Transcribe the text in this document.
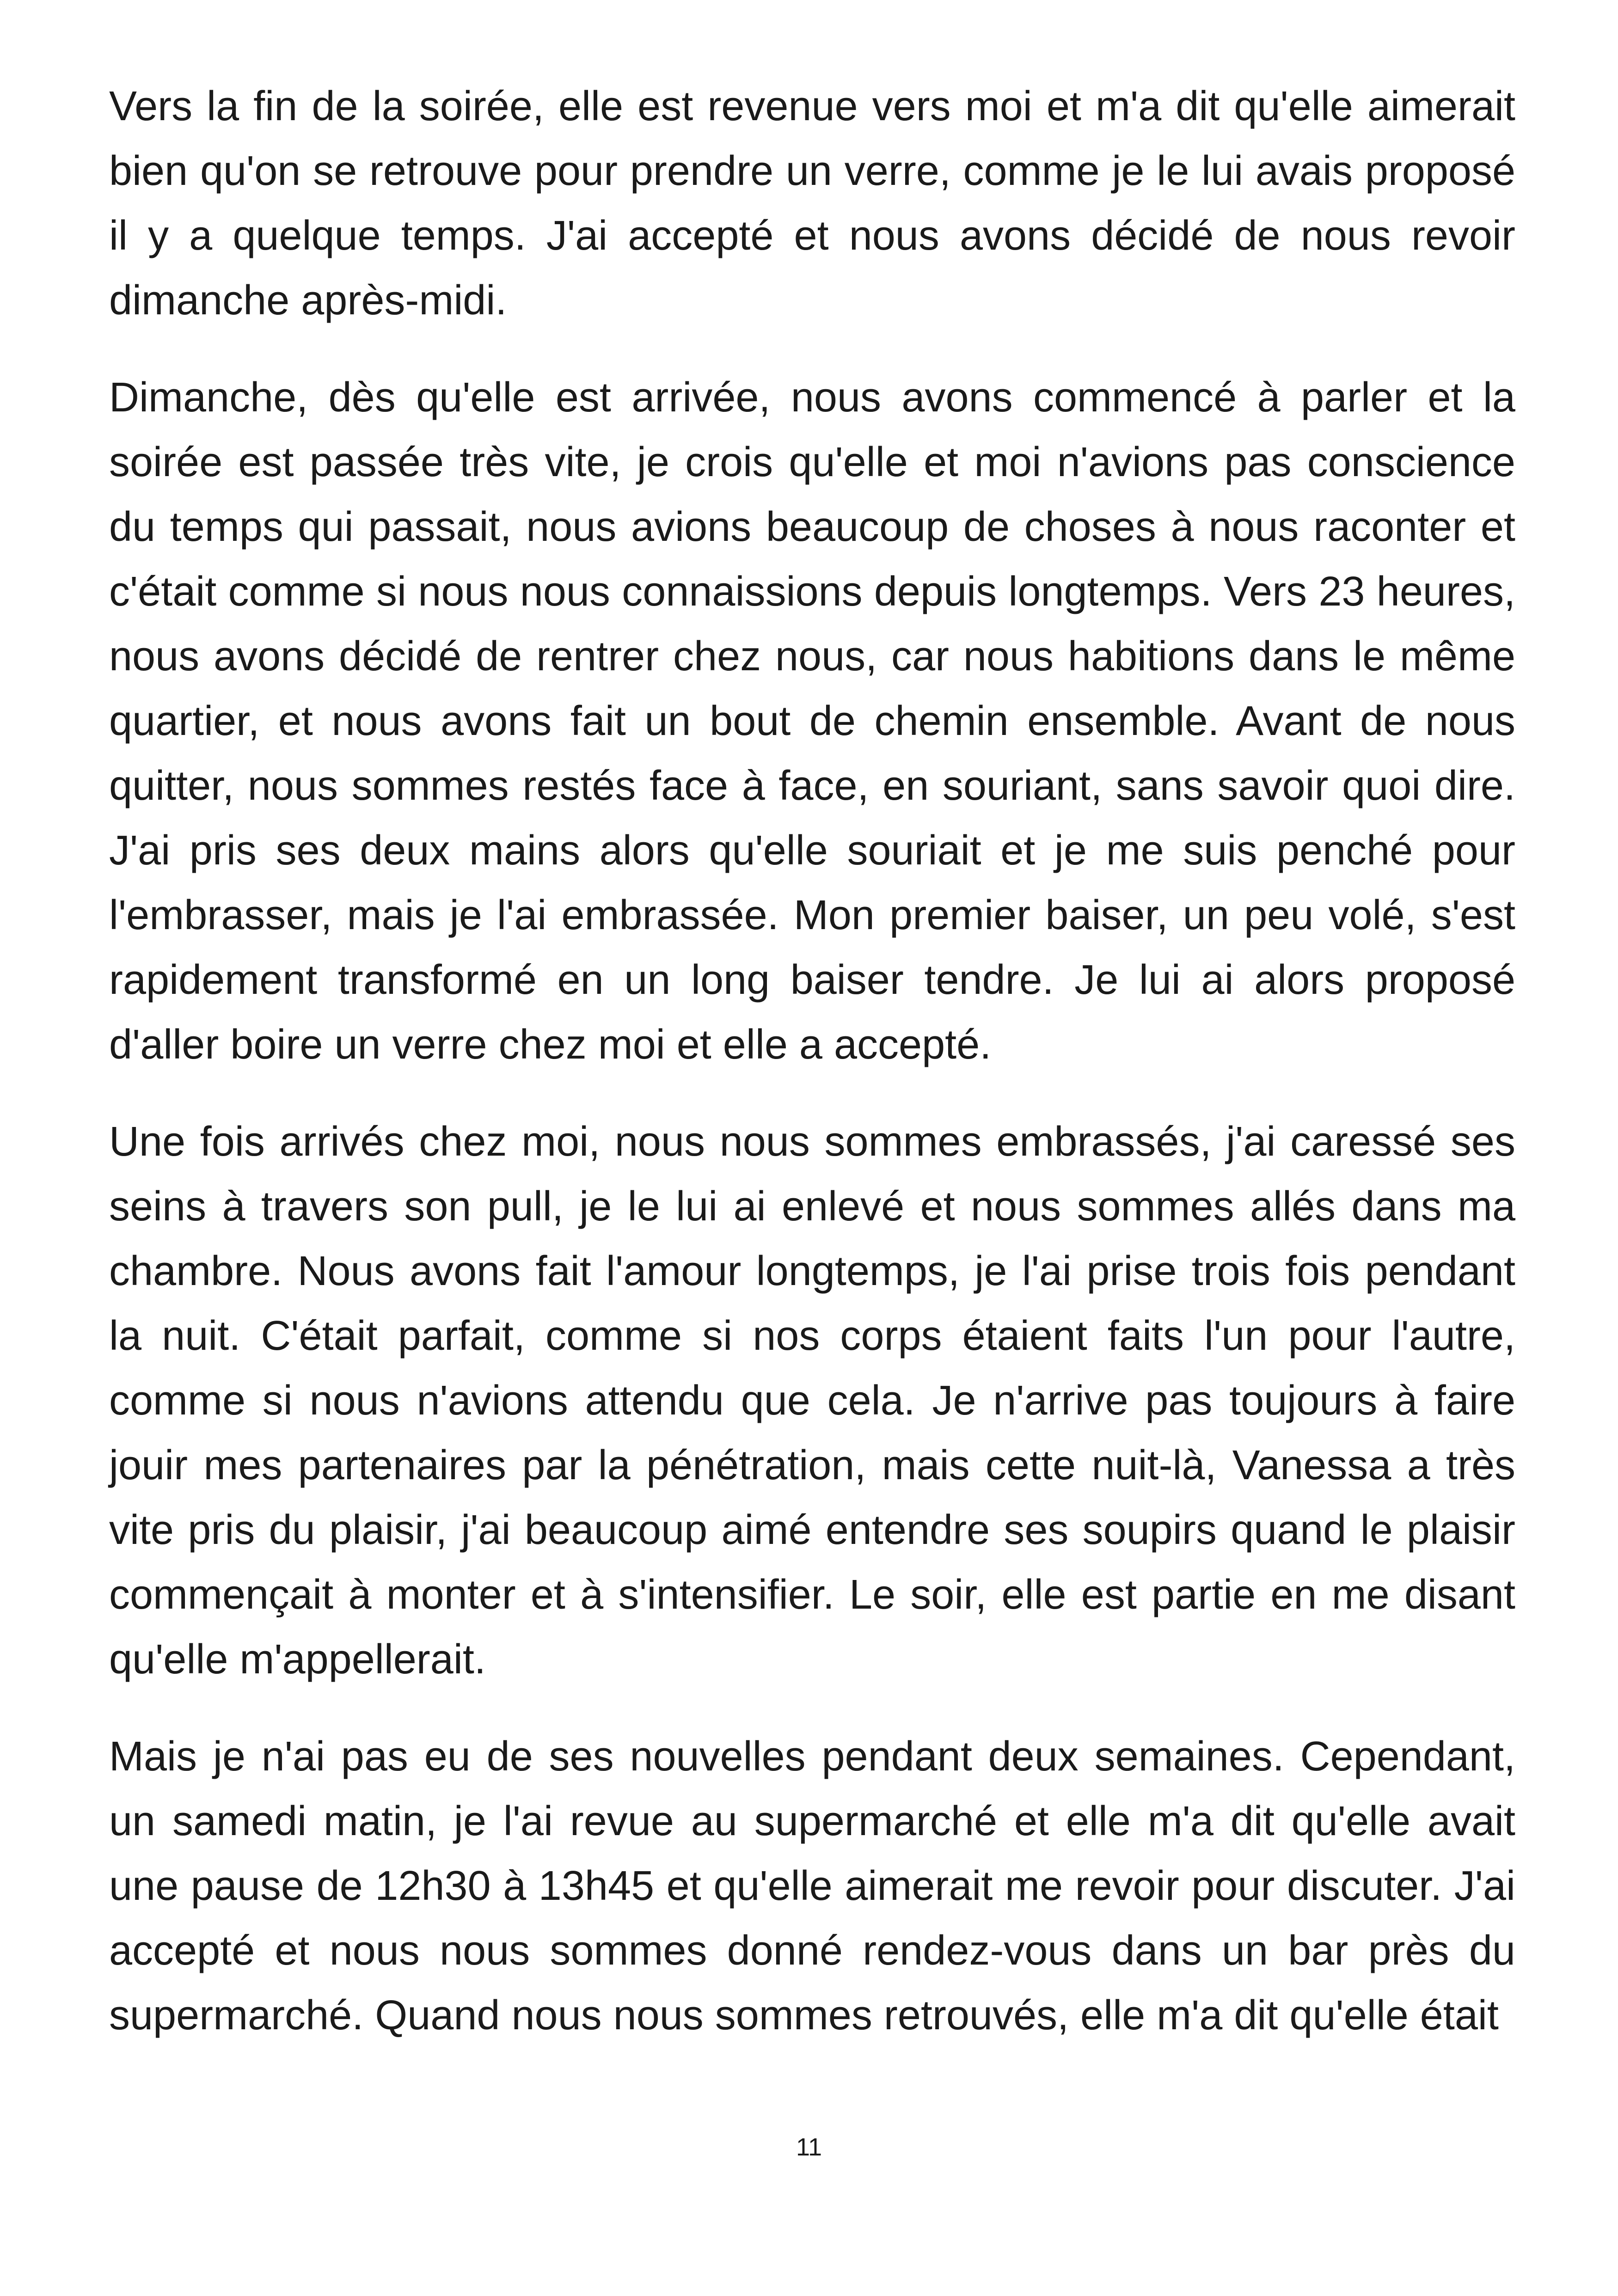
Vers la fin de la soirée, elle est revenue vers moi et m'a dit qu'elle aimerait bien qu'on se retrouve pour prendre un verre, comme je le lui avais proposé il y a quelque temps. J'ai accepté et nous avons décidé de nous revoir dimanche après-midi.

Dimanche, dès qu'elle est arrivée, nous avons commencé à parler et la soirée est passée très vite, je crois qu'elle et moi n'avions pas conscience du temps qui passait, nous avions beaucoup de choses à nous raconter et c'était comme si nous nous connaissions depuis longtemps. Vers 23 heures, nous avons décidé de rentrer chez nous, car nous habitions dans le même quartier, et nous avons fait un bout de chemin ensemble. Avant de nous quitter, nous sommes restés face à face, en souriant, sans savoir quoi dire. J'ai pris ses deux mains alors qu'elle souriait et je me suis penché pour l'embrasser, mais je l'ai embrassée. Mon premier baiser, un peu volé, s'est rapidement transformé en un long baiser tendre. Je lui ai alors proposé d'aller boire un verre chez moi et elle a accepté.

Une fois arrivés chez moi, nous nous sommes embrassés, j'ai caressé ses seins à travers son pull, je le lui ai enlevé et nous sommes allés dans ma chambre. Nous avons fait l'amour longtemps, je l'ai prise trois fois pendant la nuit. C'était parfait, comme si nos corps étaient faits l'un pour l'autre, comme si nous n'avions attendu que cela. Je n'arrive pas toujours à faire jouir mes partenaires par la pénétration, mais cette nuit-là, Vanessa a très vite pris du plaisir, j'ai beaucoup aimé entendre ses soupirs quand le plaisir commençait à monter et à s'intensifier. Le soir, elle est partie en me disant qu'elle m'appellerait.

Mais je n'ai pas eu de ses nouvelles pendant deux semaines. Cependant, un samedi matin, je l'ai revue au supermarché et elle m'a dit qu'elle avait une pause de 12h30 à 13h45 et qu'elle aimerait me revoir pour discuter. J'ai accepté et nous nous sommes donné rendez-vous dans un bar près du supermarché. Quand nous nous sommes retrouvés, elle m'a dit qu'elle était

11
